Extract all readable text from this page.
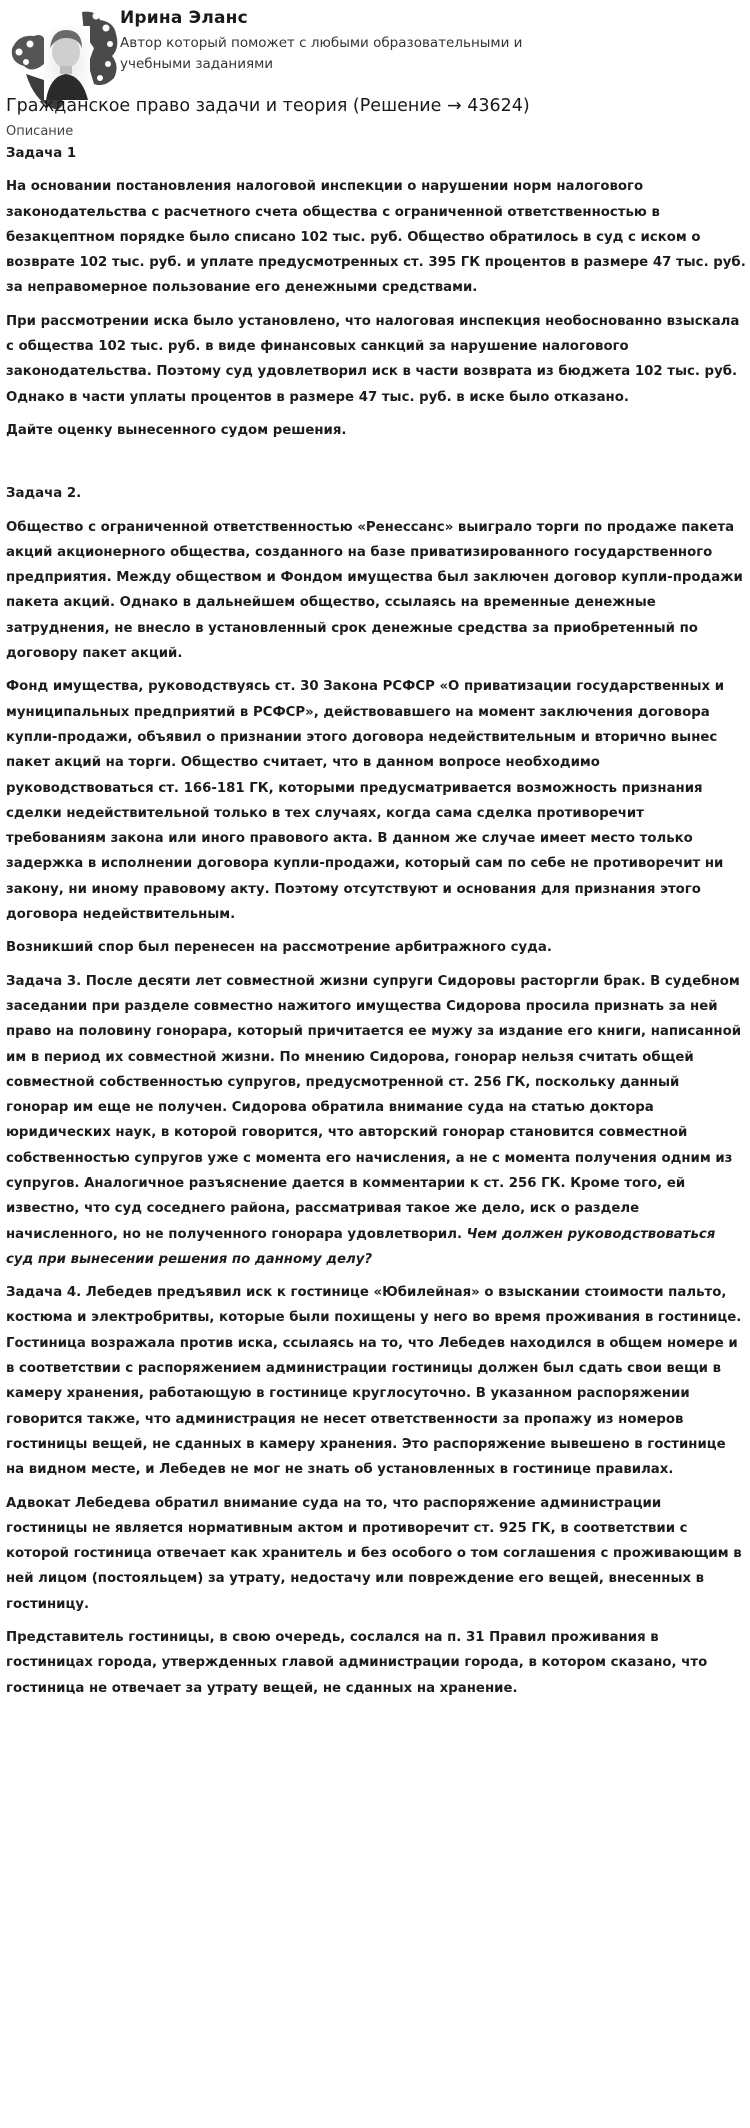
Ирина Эланс
Автор который поможет с любыми образовательными и учебными заданиями
Гражданское право задачи и теория (Решение → 43624)
Описание
Задача 1

На основании постановления налоговой инспекции о нарушении норм налогового законодательства с расчетного счета общества с ограниченной ответственностью в безакцептном порядке было списано 102 тыс. руб. Общество обратилось в суд с иском о возврате 102 тыс. руб. и уплате предусмотренных ст. 395 ГК процентов в размере 47 тыс. руб. за неправомерное пользование его денежными средствами.

При рассмотрении иска было установлено, что налоговая инспекция необоснованно взыскала с общества 102 тыс. руб. в виде финансовых санкций за нарушение налогового законодательства. Поэтому суд удовлетворил иск в части возврата из бюджета 102 тыс. руб. Однако в части уплаты процентов в размере 47 тыс. руб. в иске было отказано.

Дайте оценку вынесенного судом решения.

Задача 2.

Общество с ограниченной ответственностью «Ренессанс» выиграло торги по продаже пакета акций акционерного общества, созданного на базе приватизированного государственного предприятия. Между обществом и Фондом имущества был заключен договор купли-продажи пакета акций. Однако в дальнейшем общество, ссылаясь на временные денежные затруднения, не внесло в установленный срок денежные средства за приобретенный по договору пакет акций.

Фонд имущества, руководствуясь ст. 30 Закона РСФСР «О приватизации государственных и муниципальных предприятий в РСФСР», действовавшего на момент заключения договора купли-продажи, объявил о признании этого договора недействительным и вторично вынес пакет акций на торги. Общество считает, что в данном вопросе необходимо руководствоваться ст. 166-181 ГК, которыми предусматривается возможность признания сделки недействительной только в тех случаях, когда сама сделка противоречит требованиям закона или иного правового акта. В данном же случае имеет место только задержка в исполнении договора купли-продажи, который сам по себе не противоречит ни закону, ни иному правовому акту. Поэтому отсутствуют и основания для признания этого договора недействительным.

Возникший спор был перенесен на рассмотрение арбитражного суда.

Задача 3. После десяти лет совместной жизни супруги Сидоровы расторгли брак. В судебном заседании при разделе совместно нажитого имущества Сидорова просила признать за ней право на половину гонорара, который причитается ее мужу за издание его книги, написанной им в период их совместной жизни. По мнению Сидорова, гонорар нельзя считать общей совместной собственностью супругов, предусмотренной ст. 256 ГК, поскольку данный гонорар им еще не получен. Сидорова обратила внимание суда на статью доктора юридических наук, в которой говорится, что авторский гонорар становится совместной собственностью супругов уже с момента его начисления, а не с момента получения одним из супругов. Аналогичное разъяснение дается в комментарии к ст. 256 ГК. Кроме того, ей известно, что суд соседнего района, рассматривая такое же дело, иск о разделе начисленного, но не полученного гонорара удовлетворил. Чем должен руководствоваться суд при вынесении решения по данному делу?

Задача 4. Лебедев предъявил иск к гостинице «Юбилейная» о взыскании стоимости пальто, костюма и электробритвы, которые были похищены у него во время проживания в гостинице. Гостиница возражала против иска, ссылаясь на то, что Лебедев находился в общем номере и в соответствии с распоряжением администрации гостиницы должен был сдать свои вещи в камеру хранения, работающую в гостинице круглосуточно. В указанном распоряжении говорится также, что администрация не несет ответственности за пропажу из номеров гостиницы вещей, не сданных в камеру хранения. Это распоряжение вывешено в гостинице на видном месте, и Лебедев не мог не знать об установленных в гостинице правилах.

Адвокат Лебедева обратил внимание суда на то, что распоряжение администрации гостиницы не является нормативным актом и противоречит ст. 925 ГК, в соответствии с которой гостиница отвечает как хранитель и без особого о том соглашения с проживающим в ней лицом (постояльцем) за утрату, недостачу или повреждение его вещей, внесенных в гостиницу.

Представитель гостиницы, в свою очередь, сослался на п. 31 Правил проживания в гостиницах города, утвержденных главой администрации города, в котором сказано, что гостиница не отвечает за утрату вещей, не сданных на хранение.
